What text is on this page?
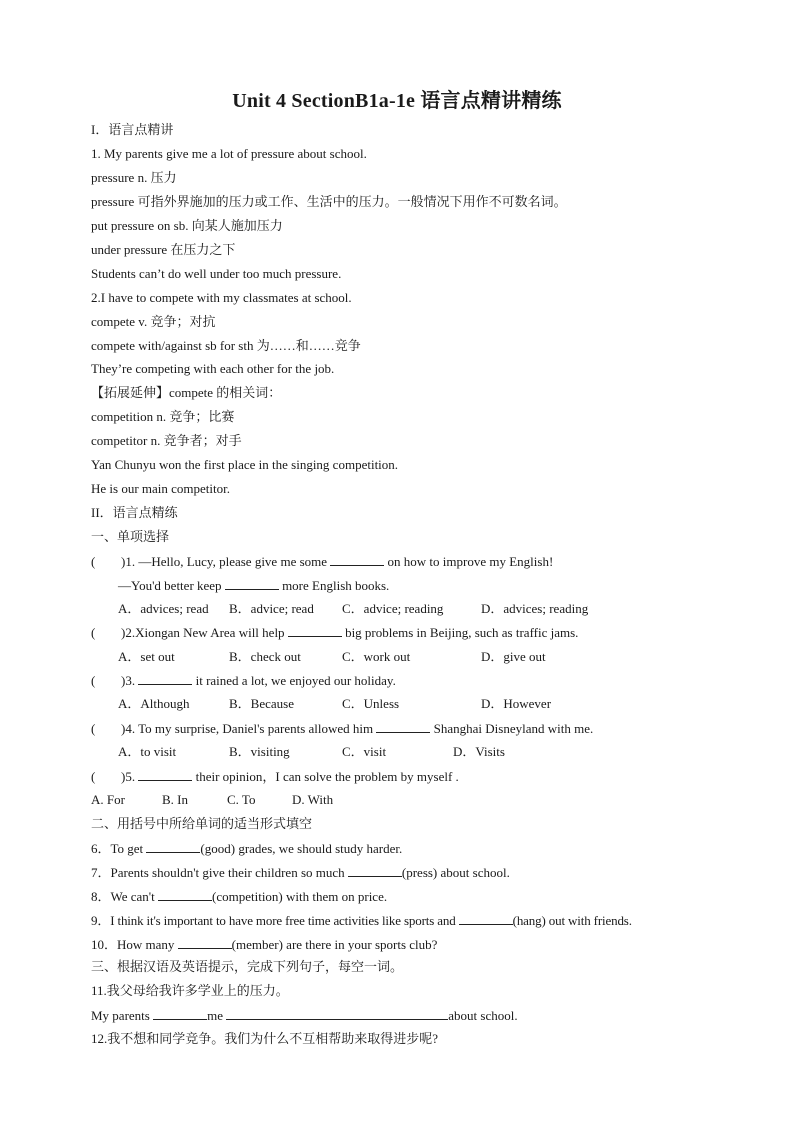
Unit 4 SectionB1a-1e 语言点精讲精练
I．语言点精讲
1. My parents give me a lot of pressure about school.
pressure n. 压力
pressure 可指外界施加的压力或工作、生活中的压力。一般情况下用作不可数名词。
put pressure on sb. 向某人施加压力
under pressure 在压力之下
Students can’t do well under too much pressure.
2.I have to compete with my classmates at school.
compete v. 竞争；对抗
compete with/against sb for sth 为……和……竞争
They’re competing with each other for the job.
【拓展延伸】compete 的相关词：
competition n. 竞争；比赛
competitor n. 竞争者；对手
Yan Chunyu won the first place in the singing competition.
He is our main competitor.
II．语言点精练
一、单项选择
( )1. —Hello, Lucy, please give me some	on how to improve my English!
—You'd better keep	more English books.
A．advices; read B．advice; read C．advice; reading	D．advices; reading
( )2.Xiongan New Area will help	big problems in Beijing, such as traffic jams.
A．set out	B．check out	C．work out	D．give out
( )3.	it rained a lot, we enjoyed our holiday.
A．Although	B．Because	C．Unless	D．However
( )4. To my surprise, Daniel's parents allowed him	Shanghai Disneyland with me.
A．to visit	B．visiting	C．visit	D．Visits
( )5.	their opinion，I can solve the problem by myself .
A. For	B. In	C. To	D. With
二、用括号中所给单词的适当形式填空
6．To get	(good) grades, we should study harder.
7．Parents shouldn't give their children so much	(press) about school.
8．We can't	(competition) with them on price.
9．I think it's important to have more free time activities like sports and	(hang) out with friends.
10．How many	(member) are there in your sports club?
三、根据汉语及英语提示，完成下列句子，每空一词。
11.我父母给我许多学业上的压力。
My parents	me	about school.
12.我不想和同学竞争。我们为什么不互相帮助来取得进步呢?
